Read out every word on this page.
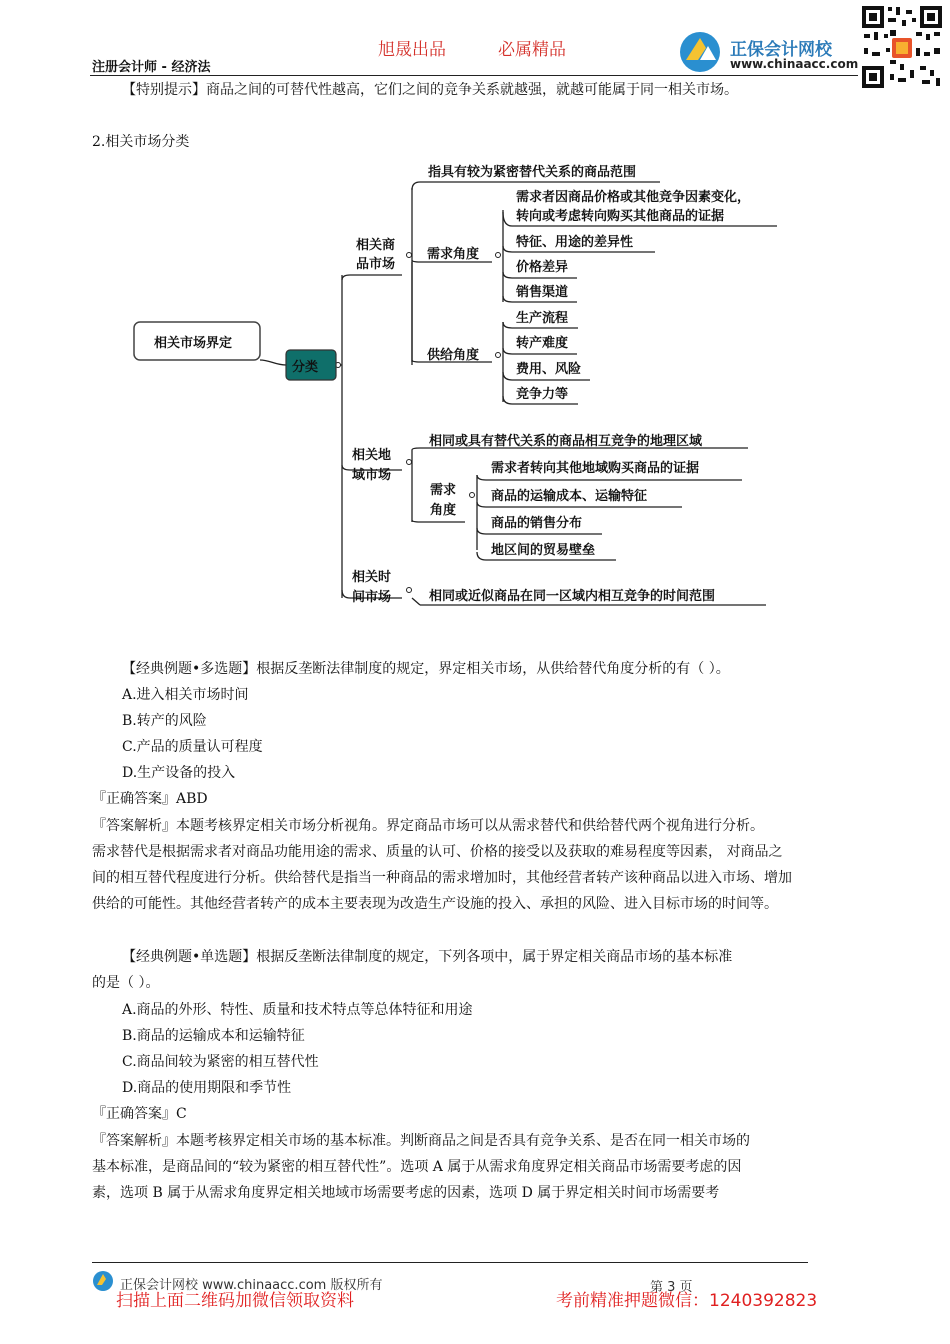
注册会计师 - 经济法
旭晟出品	必属精品	正保会计网校
www.chinaacc.com
【特别提示】商品之间的可替代性越高，它们之间的竞争关系就越强，就越可能属于同一相关市场。
2.相关市场分类
相关市场界定
分类
相关商
品市场
指具有较为紧密替代关系的商品范围
需求角度
需求者因商品价格或其他竞争因素变化，
转向或考虑转向购买其他商品的证据
特征、用途的差异性
价格差异
销售渠道
供给角度
生产流程
转产难度
费用、风险
竞争力等
相关地
域市场
相同或具有替代关系的商品相互竞争的地理区域
需求
角度
需求者转向其他地域购买商品的证据
商品的运输成本、运输特征
商品的销售分布
地区间的贸易壁垒
相关时
间市场	相同或近似商品在同一区域内相互竞争的时间范围
【经典例题•多选题】根据反垄断法律制度的规定，界定相关市场，从供给替代角度分析的有（ ）。
A.进入相关市场时间
B.转产的风险
C.产品的质量认可程度
D.生产设备的投入
『正确答案』ABD
『答案解析』本题考核界定相关市场分析视角。界定商品市场可以从需求替代和供给替代两个视角进行分析。
需求替代是根据需求者对商品功能用途的需求、质量的认可、价格的接受以及获取的难易程度等因素， 对商品之
间的相互替代程度进行分析。供给替代是指当一种商品的需求增加时，其他经营者转产该种商品以进入市场、增加
供给的可能性。其他经营者转产的成本主要表现为改造生产设施的投入、承担的风险、进入目标市场的时间等。
【经典例题•单选题】根据反垄断法律制度的规定，下列各项中，属于界定相关商品市场的基本标准
的是（ ）。
A.商品的外形、特性、质量和技术特点等总体特征和用途
B.商品的运输成本和运输特征
C.商品间较为紧密的相互替代性
D.商品的使用期限和季节性
『正确答案』C
『答案解析』本题考核界定相关市场的基本标准。判断商品之间是否具有竞争关系、是否在同一相关市场的
基本标准，是商品间的“较为紧密的相互替代性”。选项 A 属于从需求角度界定相关商品市场需要考虑的因
素，选项 B 属于从需求角度界定相关地域市场需要考虑的因素，选项 D 属于界定相关时间市场需要考
正保会计网校 www.chinaacc.com 版权所有	第 3 页
扫描上面二维码加微信领取资料	考前精准押题微信：1240392823
